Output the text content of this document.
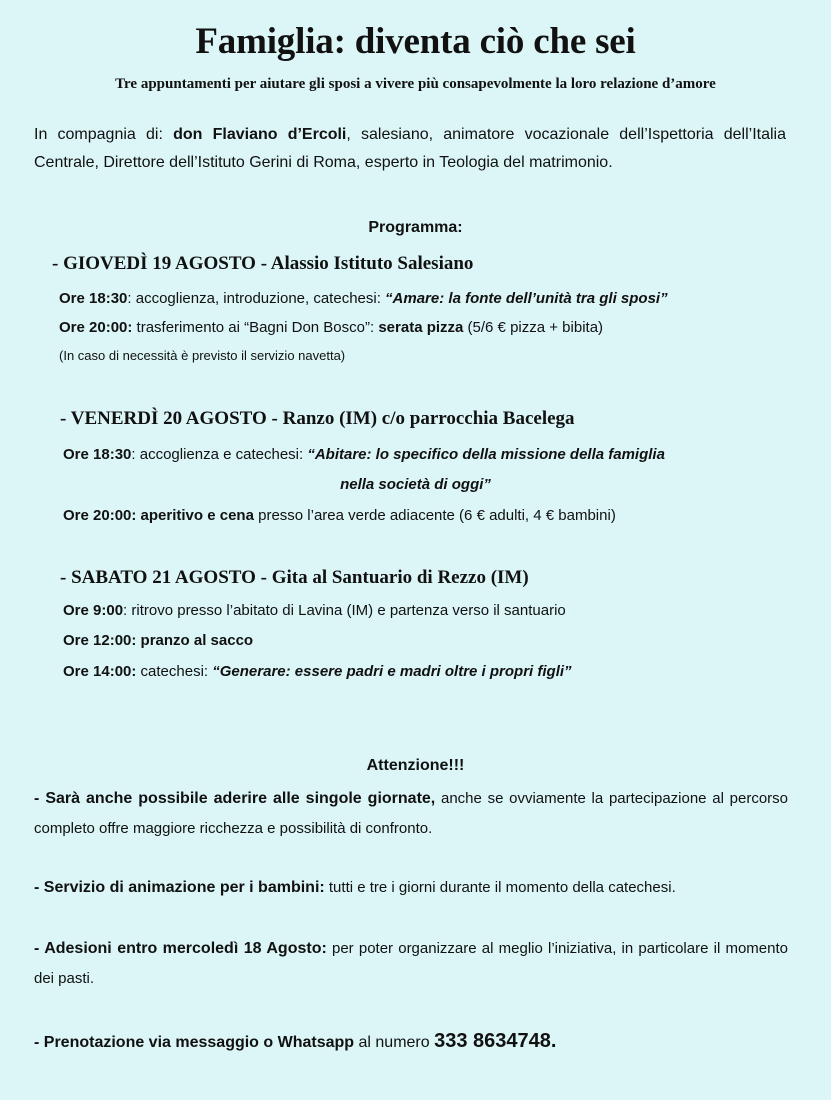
Famiglia: diventa ciò che sei
Tre appuntamenti per aiutare gli sposi a vivere più consapevolmente la loro relazione d’amore
In compagnia di: don Flaviano d’Ercoli, salesiano, animatore vocazionale dell’Ispettoria dell’Italia Centrale, Direttore dell’Istituto Gerini di Roma, esperto in Teologia del matrimonio.
Programma:
- GIOVEDÌ 19 AGOSTO - Alassio Istituto Salesiano
Ore 18:30: accoglienza, introduzione, catechesi: “Amare: la fonte dell’unità tra gli sposi”
Ore 20:00: trasferimento ai “Bagni Don Bosco”: serata pizza (5/6 € pizza + bibita)
(In caso di necessità è previsto il servizio navetta)
- VENERDÌ 20 AGOSTO - Ranzo (IM) c/o parrocchia Bacelega
Ore 18:30: accoglienza e catechesi: “Abitare: lo specifico della missione della famiglia
nella società di oggi”
Ore 20:00: aperitivo e cena presso l’area verde adiacente (6 € adulti, 4 € bambini)
- SABATO 21 AGOSTO - Gita al Santuario di Rezzo (IM)
Ore 9:00: ritrovo presso l’abitato di Lavina (IM) e partenza verso il santuario
Ore 12:00: pranzo al sacco
Ore 14:00: catechesi: “Generare: essere padri e madri oltre i propri figli”
Attenzione!!!
- Sarà anche possibile aderire alle singole giornate, anche se ovviamente la partecipazione al percorso completo offre maggiore ricchezza e possibilità di confronto.
- Servizio di animazione per i bambini: tutti e tre i giorni durante il momento della catechesi.
- Adesioni entro mercoledì 18 Agosto: per poter organizzare al meglio l’iniziativa, in particolare il momento dei pasti.
- Prenotazione via messaggio o Whatsapp al numero 333 8634748.
